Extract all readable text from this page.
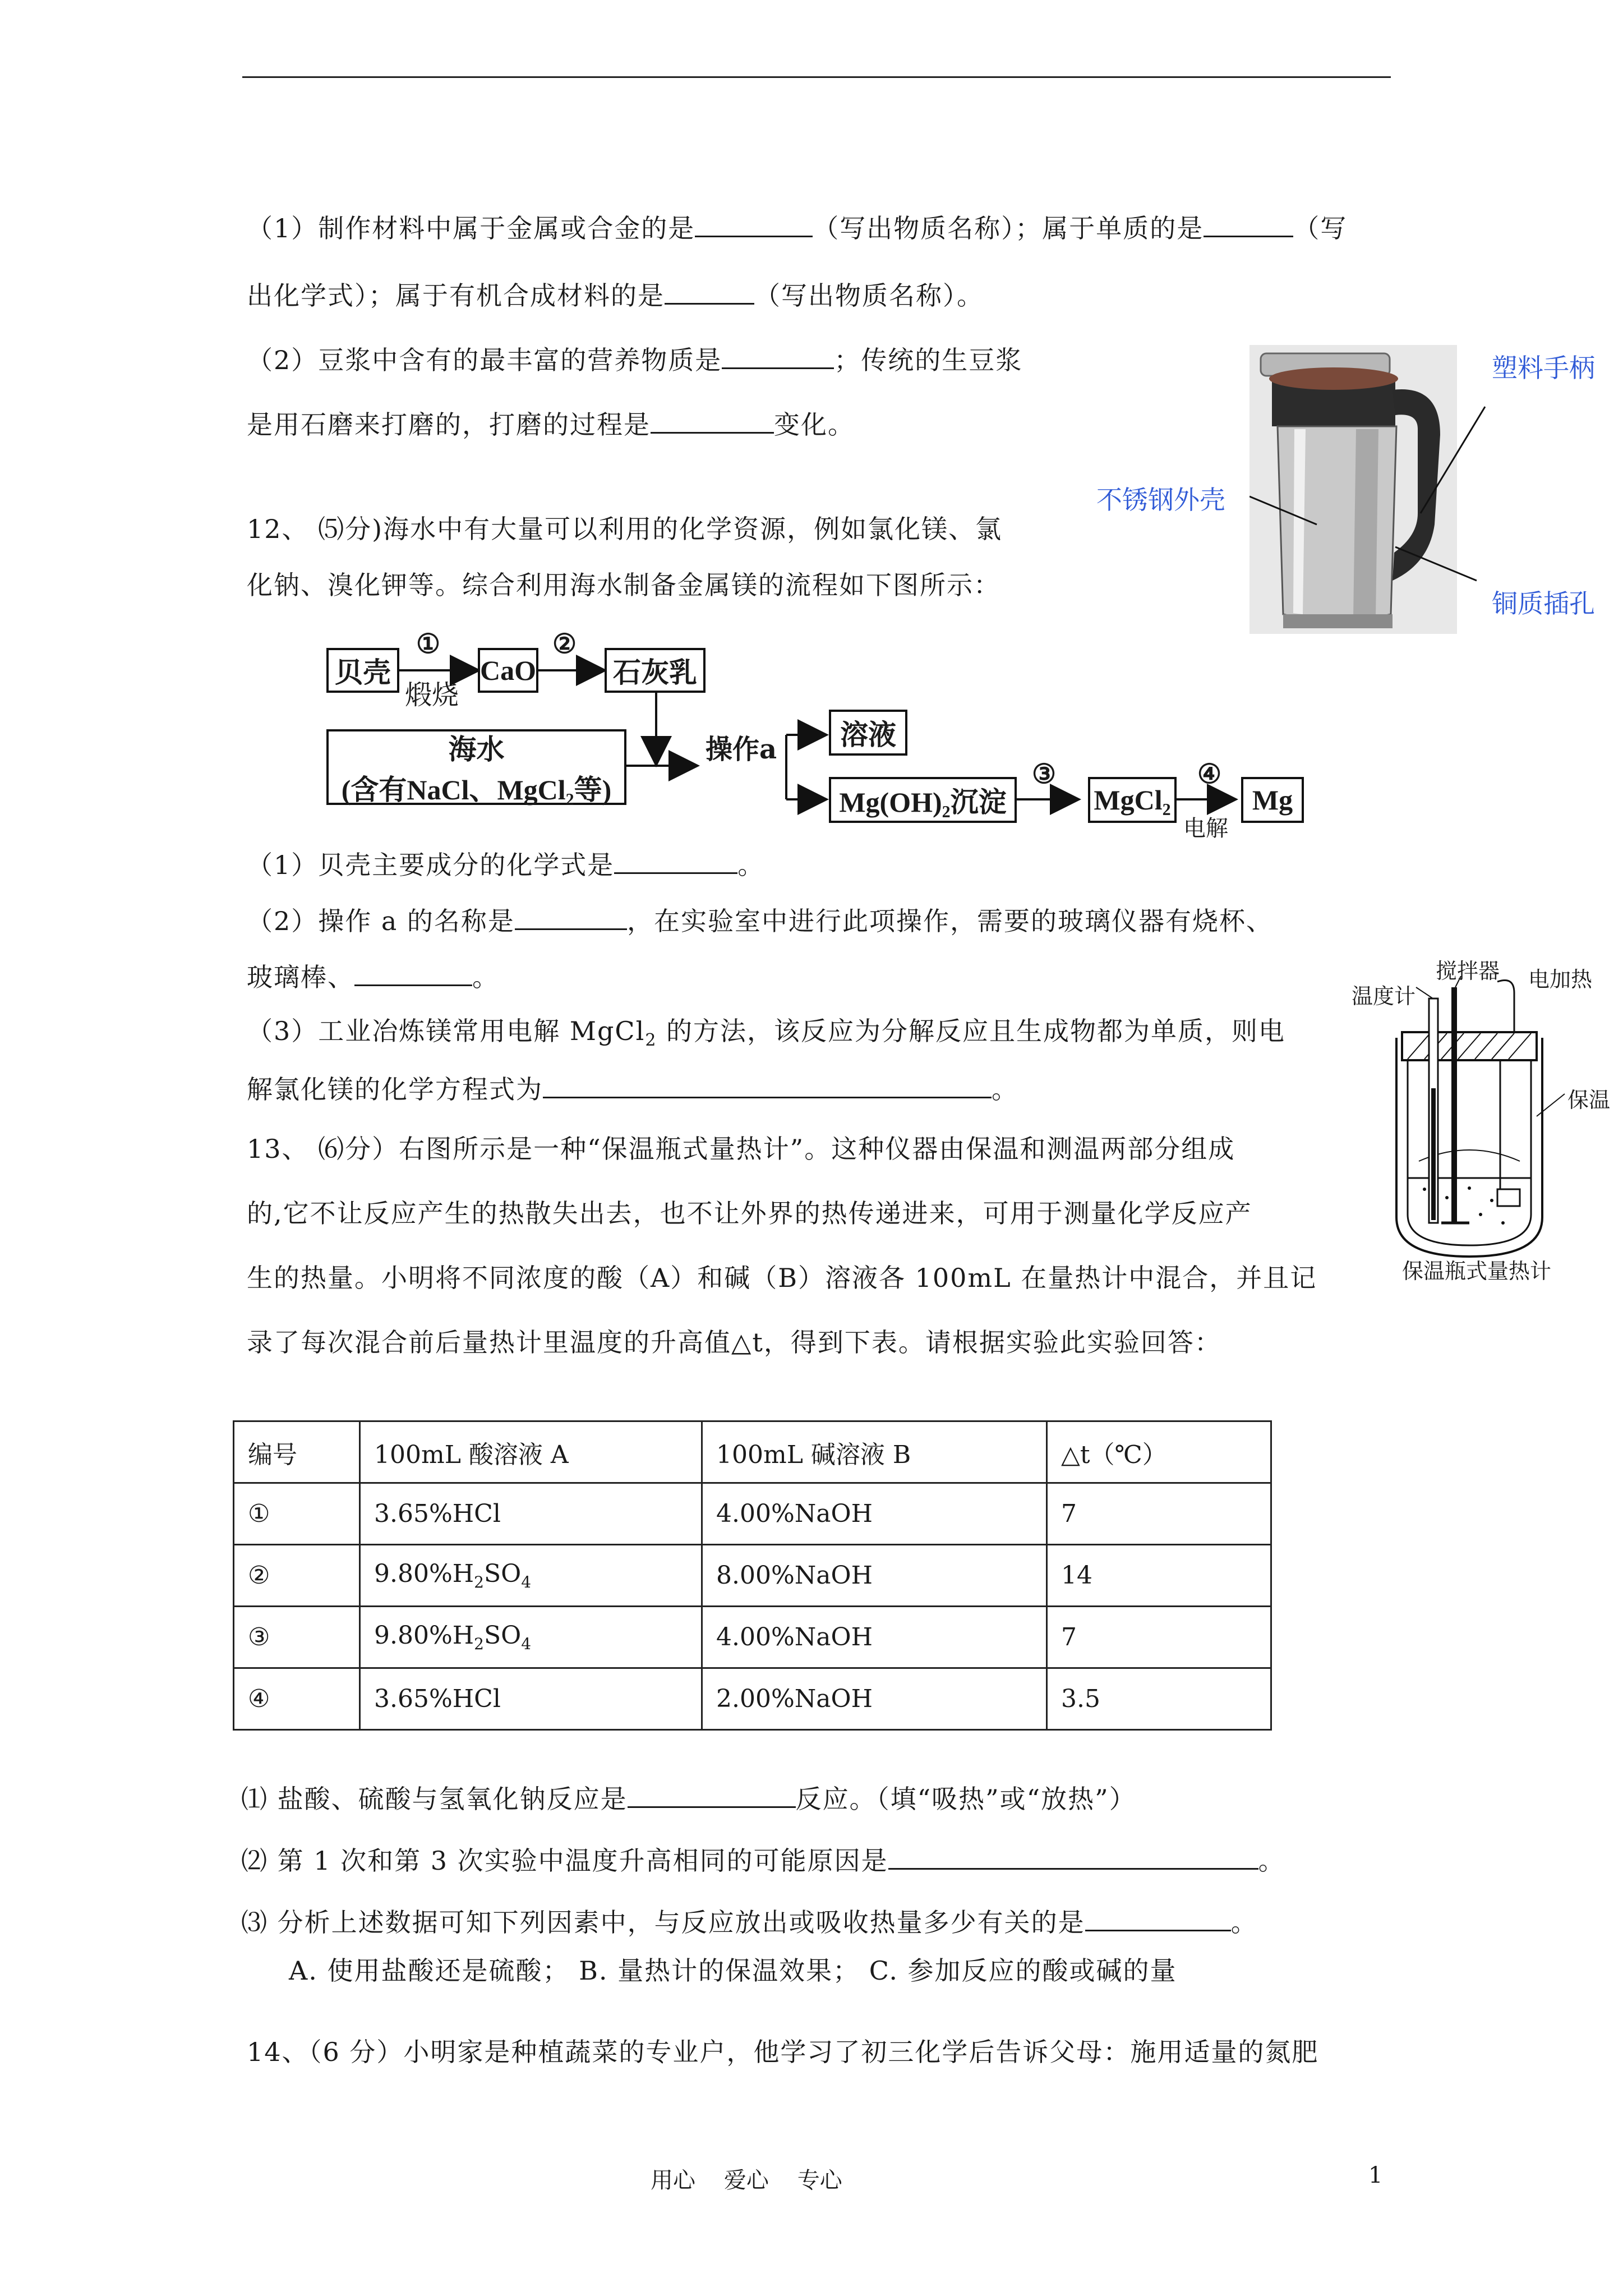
（1）制作材料中属于金属或合金的是	（写出物质名称）；属于单质的是	（写
出化学式）；属于有机合成材料的是	（写出物质名称）。
（2）豆浆中含有的最丰富的营养物质是	；传统的生豆浆
是用石磨来打磨的，打磨的过程是	变化。
塑料手柄
不锈钢外壳
铜质插孔
12、 ⑸分)海水中有大量可以利用的化学资源，例如氯化镁、氯
化钠、溴化钾等。综合利用海水制备金属镁的流程如下图所示：
贝壳
①
煅烧
CaO
②
石灰乳
海水
(含有NaCl、MgCl₂等)
操作a	溶液
Mg(OH)₂沉淀
③
MgCl₂
④
电解
Mg
（1）贝壳主要成分的化学式是	。
（2）操作 a 的名称是	，在实验室中进行此项操作，需要的玻璃仪器有烧杯、
玻璃棒、	。
（3）工业冶炼镁常用电解 MgCl$_2$ 的方法，该反应为分解反应且生成物都为单质，则电
解氯化镁的化学方程式为	。
搅拌器
温度计
电加热
保温
保温瓶式量热计
13、 ⑹分）右图所示是一种“保温瓶式量热计”。这种仪器由保温和测温两部分组成
的,它不让反应产生的热散失出去，也不让外界的热传递进来，可用于测量化学反应产
生的热量。小明将不同浓度的酸（A）和碱（B）溶液各 100mL 在量热计中混合，并且记
录了每次混合前后量热计里温度的升高值△t，得到下表。请根据实验此实验回答：
编号	100mL 酸溶液 A	100mL 碱溶液 B	△t（℃）
①	3.65%HCl	4.00%NaOH	7
②	$9.80\%H_2SO_4$	8.00%NaOH	14
③	$9.80\%H_2SO_4$	4.00%NaOH	7
④	3.65%HCl	2.00%NaOH	3.5
⑴ 盐酸、硫酸与氢氧化钠反应是	反应。（填“吸热”或“放热”）
⑵ 第 1 次和第 3 次实验中温度升高相同的可能原因是	。
⑶ 分析上述数据可知下列因素中，与反应放出或吸收热量多少有关的是	。
A. 使用盐酸还是硫酸； B. 量热计的保温效果； C. 参加反应的酸或碱的量
14、（6 分）小明家是种植蔬菜的专业户，他学习了初三化学后告诉父母：施用适量的氮肥
用心    爱心    专心	1
